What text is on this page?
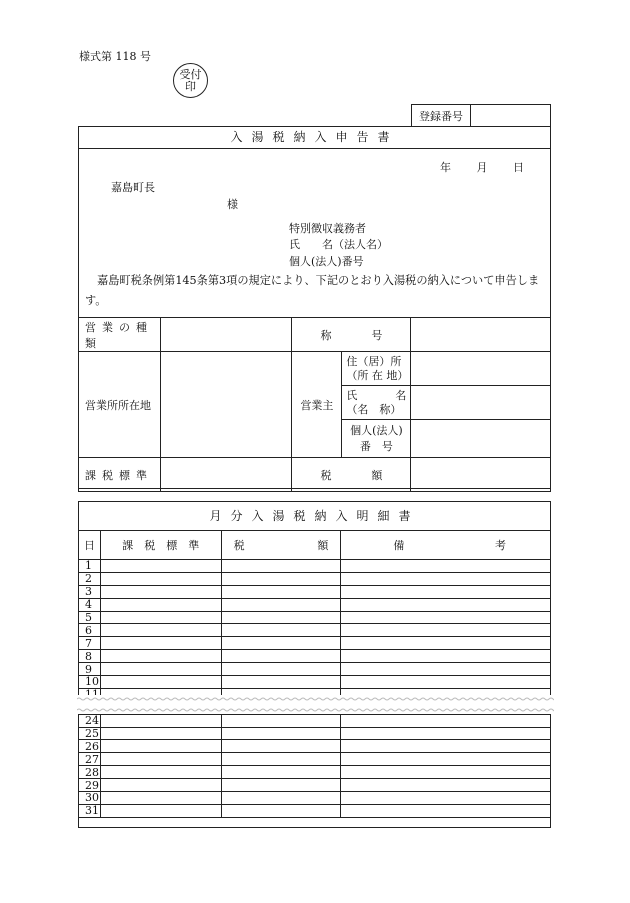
様式第 118 号
受付
印
登録番号
入湯税納入申告書
年 月 日
嘉島町長
様
特別徴収義務者
氏　　名（法人名）
個人(法人)番号
嘉島町税条例第145条第3項の規定により、下記のとおり入湯税の納入について申告します。
営業の種類		称 号		

営業所所在地		営業主	住（居）所
（所 在 地）	

			氏 名
（名　称）	

			個人(法人)
番　号	

課税標準		税 額		

月分入湯税納入明細書
日	課　税　標　準	税 額	備 考

1			
2			
3			
4			
5			
6			
7			
8			
9			
10			

24			
25			
26			
27			
28			
29			
30			
31			
